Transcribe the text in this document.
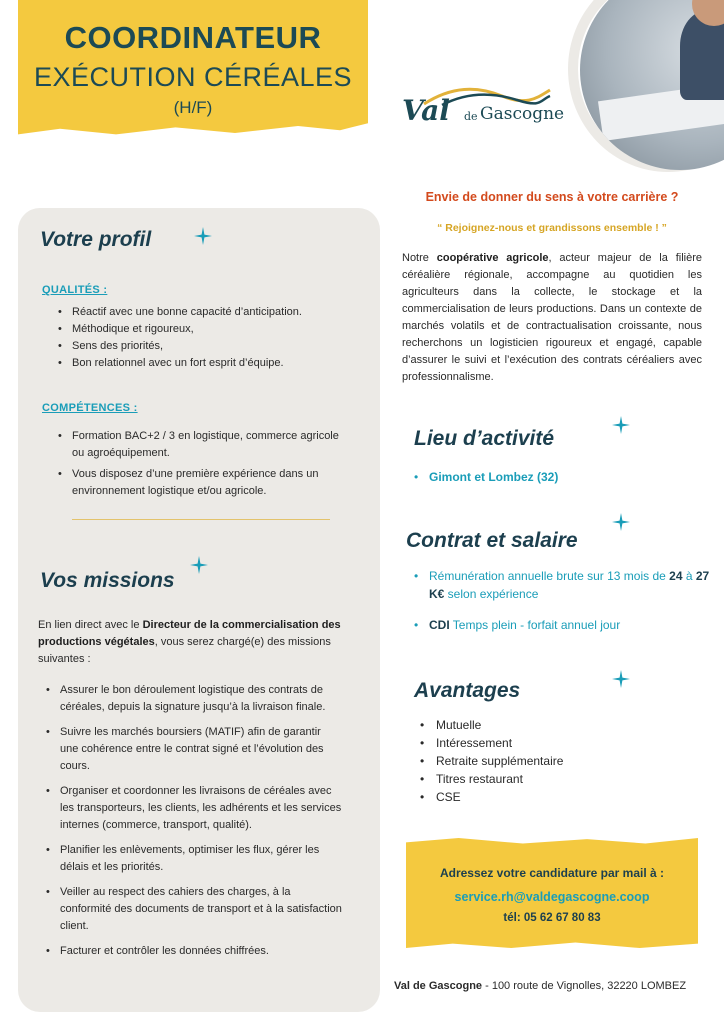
COORDINATEUR
EXÉCUTION CÉRÉALES
(H/F)	Val de Gascogne
Votre profil
QUALITÉS :
• Réactif avec une bonne capacité d’anticipation.
• Méthodique et rigoureux,
• Sens des priorités,
• Bon relationnel avec un fort esprit d’équipe.
COMPÉTENCES :
• Formation BAC+2 / 3 en logistique, commerce agricole ou agroéquipement.
• Vous disposez d’une première expérience dans un environnement logistique et/ou agricole.
Vos missions
En lien direct avec le Directeur de la commercialisation des productions végétales, vous serez chargé(e) des missions suivantes :
• Assurer le bon déroulement logistique des contrats de céréales, depuis la signature jusqu’à la livraison finale.
• Suivre les marchés boursiers (MATIF) afin de garantir une cohérence entre le contrat signé et l’évolution des cours.
• Organiser et coordonner les livraisons de céréales avec les transporteurs, les clients, les adhérents et les services internes (commerce, transport, qualité).
• Planifier les enlèvements, optimiser les flux, gérer les délais et les priorités.
• Veiller au respect des cahiers des charges, à la conformité des documents de transport et à la satisfaction client.
• Facturer et contrôler les données chiffrées.
Envie de donner du sens à votre carrière ?
“ Rejoignez-nous et grandissons ensemble ! ”
Notre coopérative agricole, acteur majeur de la filière céréalière régionale, accompagne au quotidien les agriculteurs dans la collecte, le stockage et la commercialisation de leurs productions. Dans un contexte de marchés volatils et de contractualisation croissante, nous recherchons un logisticien rigoureux et engagé, capable d’assurer le suivi et l’exécution des contrats céréaliers avec professionnalisme.
Lieu d’activité
• Gimont et Lombez (32)
Contrat et salaire
• Rémunération annuelle brute sur 13 mois de 24 à 27 K€ selon expérience
• CDI Temps plein - forfait annuel jour
Avantages
• Mutuelle
• Intéressement
• Retraite supplémentaire
• Titres restaurant
• CSE
Adressez votre candidature par mail à :
service.rh@valdegascogne.coop
tél: 05 62 67 80 83
Val de Gascogne - 100 route de Vignolles, 32220 LOMBEZ
